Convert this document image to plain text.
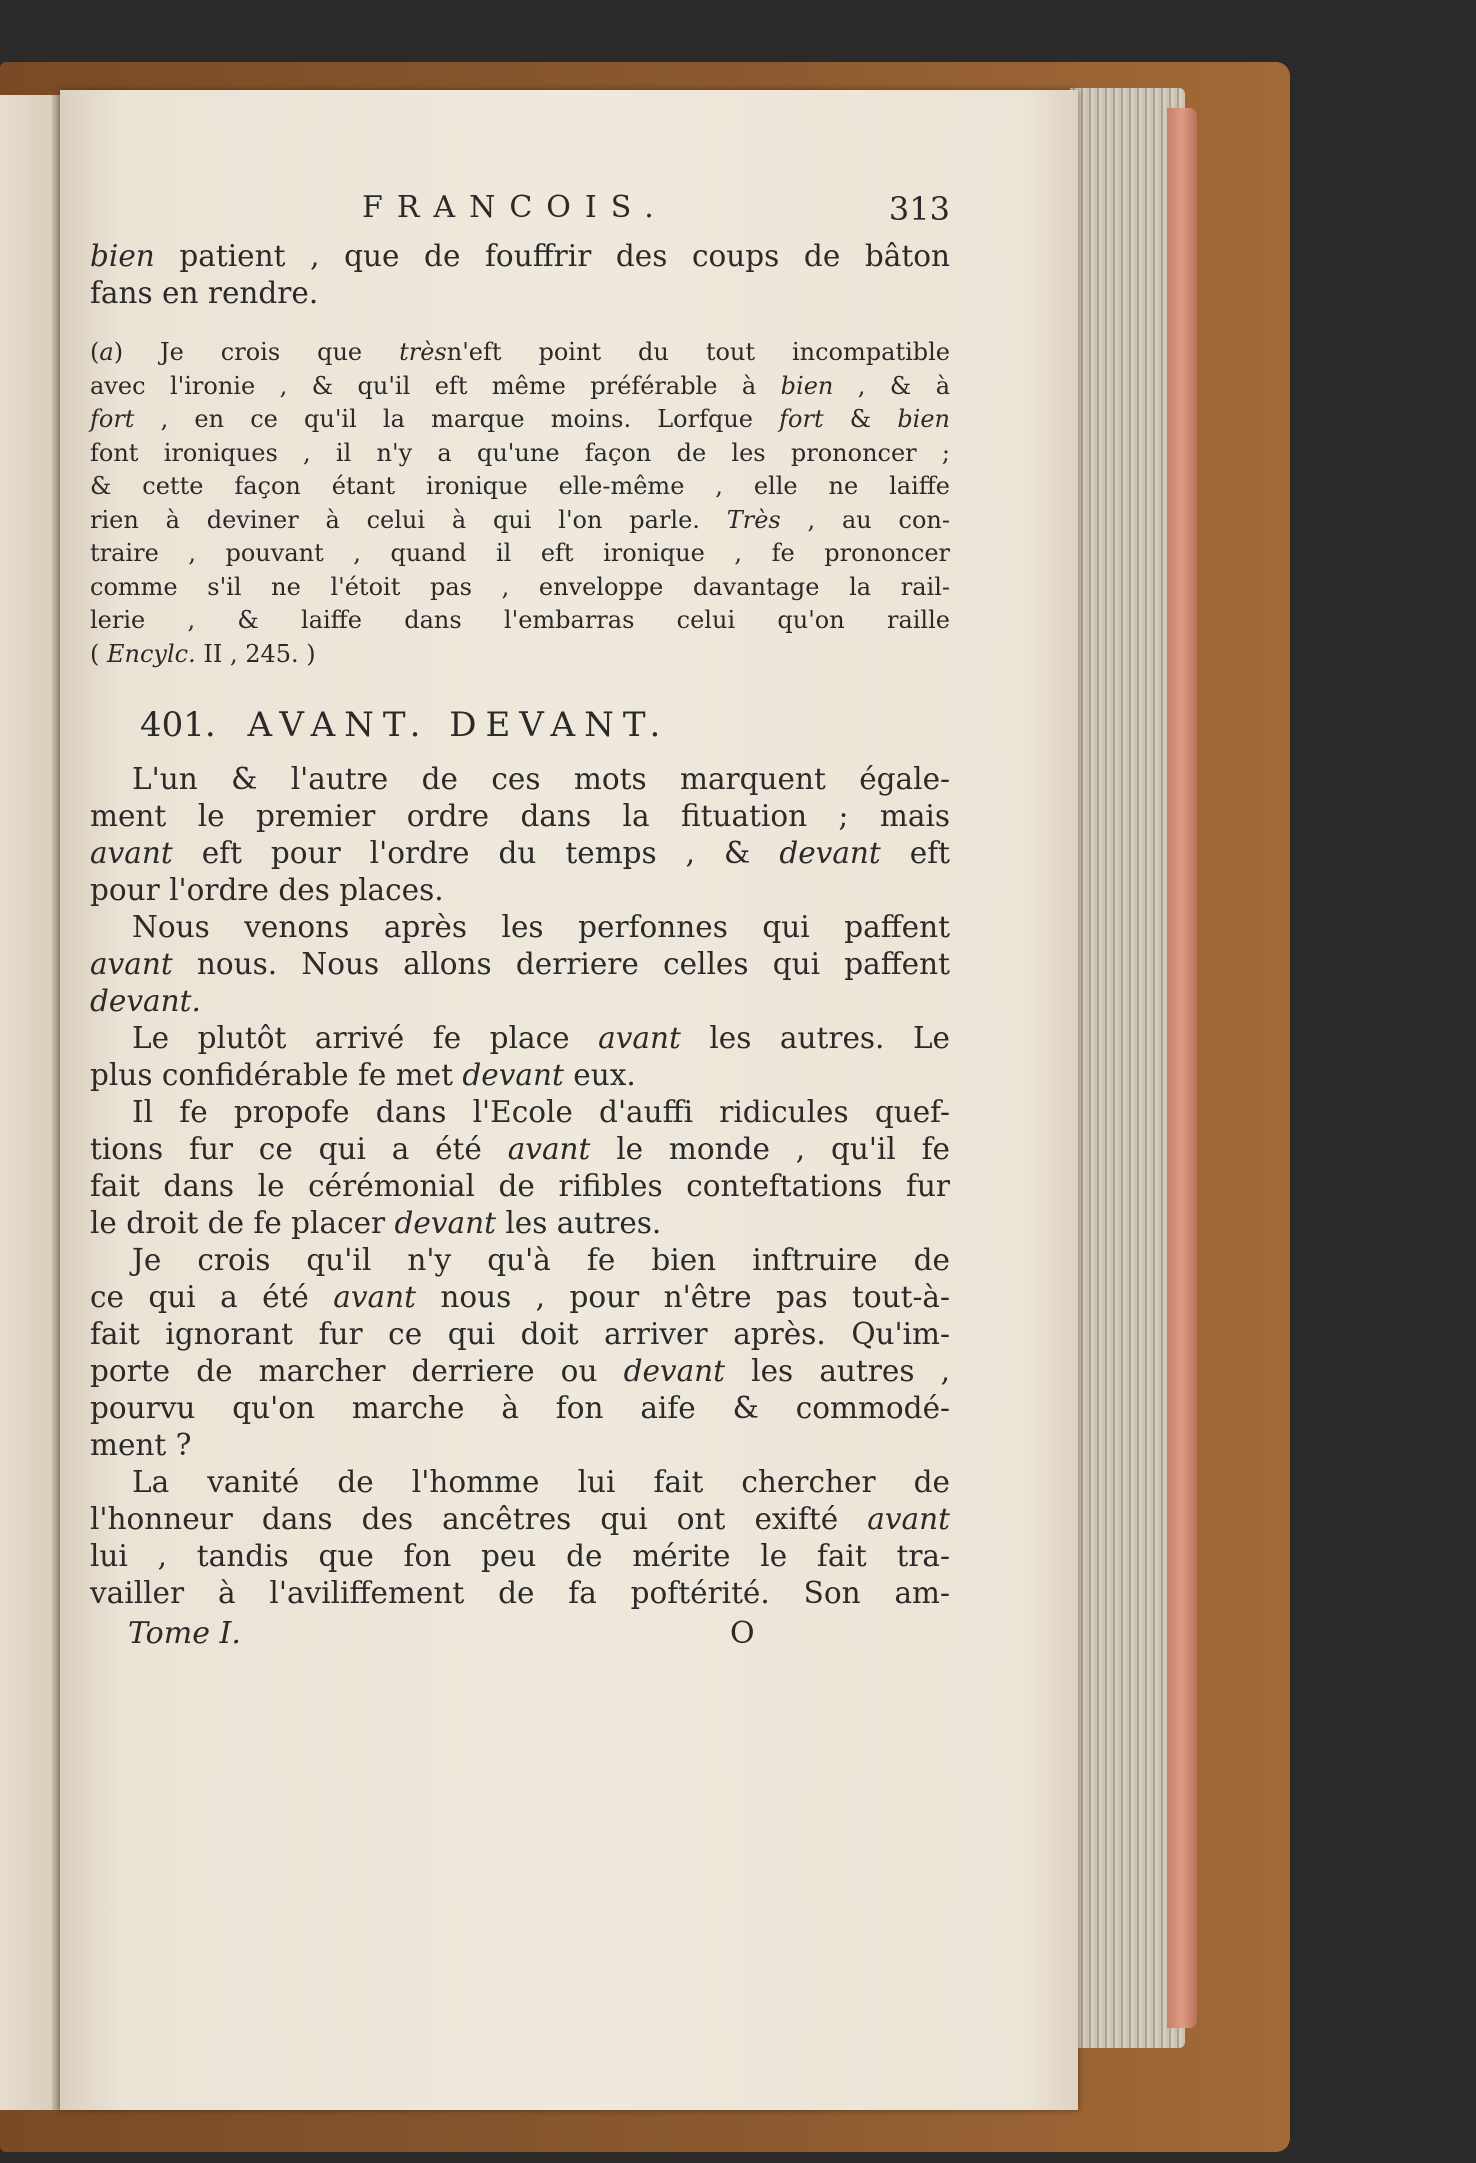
FRANCOIS.	313
bien patient , que de fouffrir des coups de bâton
fans en rendre.
(a) Je crois que trèsn'eft point du tout incompatible
avec l'ironie , & qu'il eft même préférable à bien , & à
fort , en ce qu'il la marque moins. Lorfque fort & bien
font ironiques , il n'y a qu'une façon de les prononcer ;
& cette façon étant ironique elle-même , elle ne laiffe
rien à deviner à celui à qui l'on parle. Très , au con-
traire , pouvant , quand il eft ironique , fe prononcer
comme s'il ne l'étoit pas , enveloppe davantage la rail-
lerie , & laiffe dans l'embarras celui qu'on raille
( Encylc. II , 245. )
401. AVANT. DEVANT.
L'un & l'autre de ces mots marquent égale-
ment le premier ordre dans la fituation ; mais
avant eft pour l'ordre du temps , & devant eft
pour l'ordre des places.
Nous venons après les perfonnes qui paffent
avant nous. Nous allons derriere celles qui paffent
devant.
Le plutôt arrivé fe place avant les autres. Le
plus confidérable fe met devant eux.
Il fe propofe dans l'Ecole d'auffi ridicules quef-
tions fur ce qui a été avant le monde , qu'il fe
fait dans le cérémonial de rifibles conteftations fur
le droit de fe placer devant les autres.
Je crois qu'il n'y qu'à fe bien inftruire de
ce qui a été avant nous , pour n'être pas tout-à-
fait ignorant fur ce qui doit arriver après. Qu'im-
porte de marcher derriere ou devant les autres ,
pourvu qu'on marche à fon aife & commodé-
ment ?
La vanité de l'homme lui fait chercher de
l'honneur dans des ancêtres qui ont exifté avant
lui , tandis que fon peu de mérite le fait tra-
vailler à l'aviliffement de fa poftérité. Son am-
Tome I.	O
